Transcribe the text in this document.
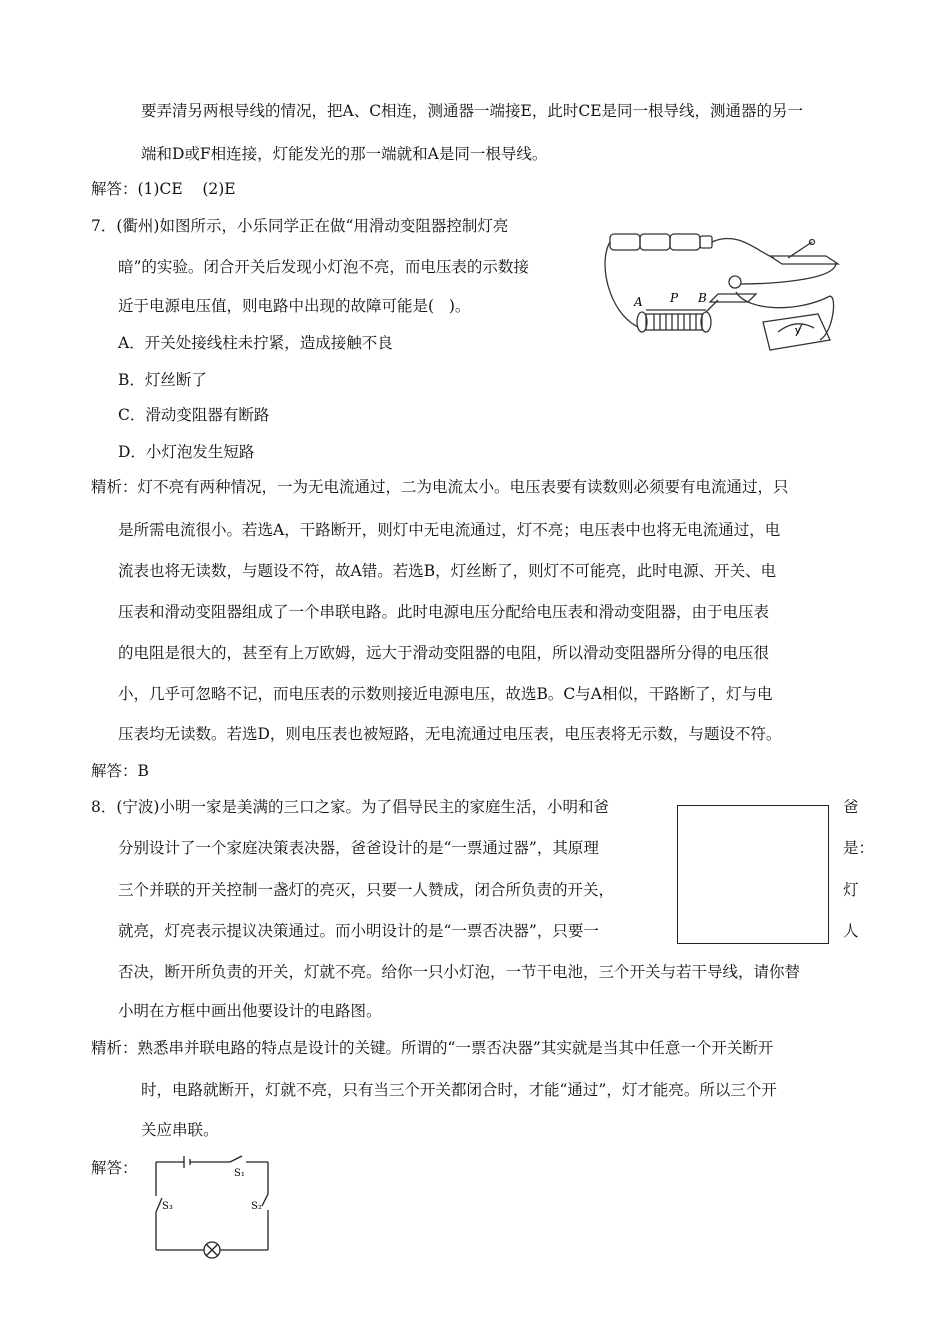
要弄清另两根导线的情况，把A、C相连，测通器一端接E，此时CE是同一根导线，测通器的另一
端和D或F相连接，灯能发光的那一端就和A是同一根导线。
解答：(1)CE    (2)E
7．(衢州)如图所示，小乐同学正在做“用滑动变阻器控制灯亮
暗”的实验。闭合开关后发现小灯泡不亮，而电压表的示数接
近于电源电压值，则电路中出现的故障可能是(   )。
A．开关处接线柱未拧紧，造成接触不良
B．灯丝断了
C．滑动变阻器有断路
D．小灯泡发生短路
A P B
V
精析：灯不亮有两种情况，一为无电流通过，二为电流太小。电压表要有读数则必须要有电流通过，只
是所需电流很小。若选A，干路断开，则灯中无电流通过，灯不亮；电压表中也将无电流通过，电
流表也将无读数，与题设不符，故A错。若选B，灯丝断了，则灯不可能亮，此时电源、开关、电
压表和滑动变阻器组成了一个串联电路。此时电源电压分配给电压表和滑动变阻器，由于电压表
的电阻是很大的，甚至有上万欧姆，远大于滑动变阻器的电阻，所以滑动变阻器所分得的电压很
小，几乎可忽略不记，而电压表的示数则接近电源电压，故选B。C与A相似，干路断了，灯与电
压表均无读数。若选D，则电压表也被短路，无电流通过电压表，电压表将无示数，与题设不符。
解答：B
8．(宁波)小明一家是美满的三口之家。为了倡导民主的家庭生活，小明和爸	爸
分别设计了一个家庭决策表决器，爸爸设计的是“一票通过器”，其原理	是：
三个并联的开关控制一盏灯的亮灭，只要一人赞成，闭合所负责的开关，	灯
就亮，灯亮表示提议决策通过。而小明设计的是“一票否决器”，只要一	人
否决，断开所负责的开关，灯就不亮。给你一只小灯泡，一节干电池，三个开关与若干导线，请你替
小明在方框中画出他要设计的电路图。
精析：熟悉串并联电路的特点是设计的关键。所谓的“一票否决器”其实就是当其中任意一个开关断开
时，电路就断开，灯就不亮，只有当三个开关都闭合时，才能“通过”，灯才能亮。所以三个开
关应串联。
解答：	S₁
S₂
S₃
